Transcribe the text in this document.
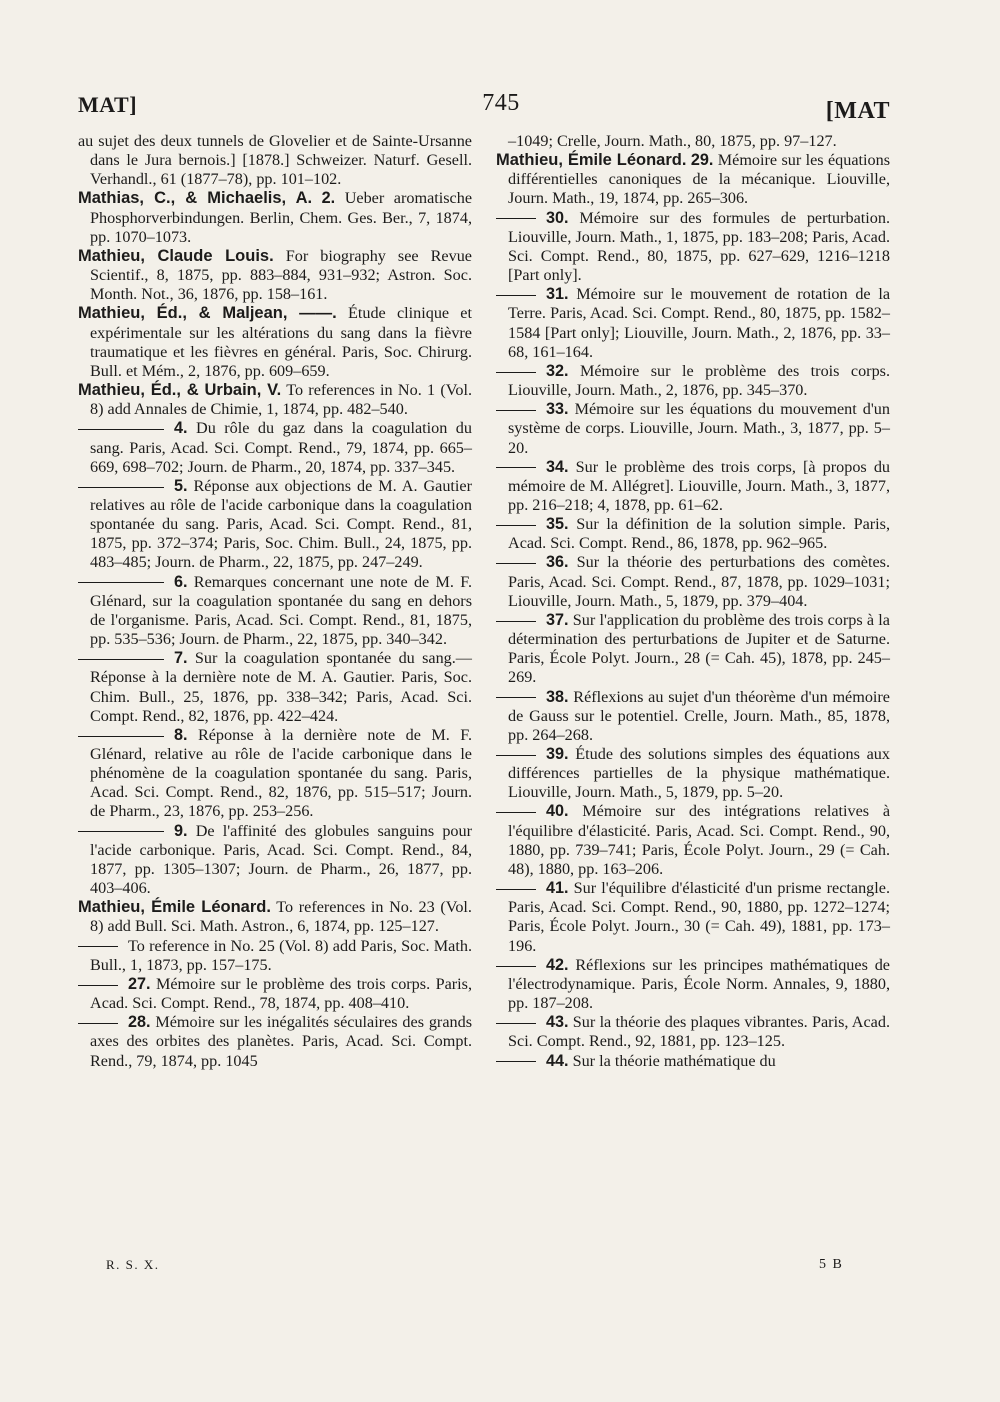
MAT]	745	[MAT

au sujet des deux tunnels de Glovelier et de Sainte-Ursanne dans le Jura bernois.] [1878.] Schweizer. Naturf. Gesell. Verhandl., 61 (1877–78), pp. 101–102.

Mathias, C., & Michaelis, A. 2. Ueber aromatische Phosphorverbindungen. Berlin, Chem. Ges. Ber., 7, 1874, pp. 1070–1073.

Mathieu, Claude Louis. For biography see Revue Scientif., 8, 1875, pp. 883–884, 931–932; Astron. Soc. Month. Not., 36, 1876, pp. 158–161.

Mathieu, Éd., & Maljean, ——. Étude clinique et expérimentale sur les altérations du sang dans la fièvre traumatique et les fièvres en général. Paris, Soc. Chirurg. Bull. et Mém., 2, 1876, pp. 609–659.

Mathieu, Éd., & Urbain, V. To references in No. 1 (Vol. 8) add Annales de Chimie, 1, 1874, pp. 482–540.

4. Du rôle du gaz dans la coagulation du sang. Paris, Acad. Sci. Compt. Rend., 79, 1874, pp. 665–669, 698–702; Journ. de Pharm., 20, 1874, pp. 337–345.

5. Réponse aux objections de M. A. Gautier relatives au rôle de l'acide carbonique dans la coagulation spontanée du sang. Paris, Acad. Sci. Compt. Rend., 81, 1875, pp. 372–374; Paris, Soc. Chim. Bull., 24, 1875, pp. 483–485; Journ. de Pharm., 22, 1875, pp. 247–249.

6. Remarques concernant une note de M. F. Glénard, sur la coagulation spontanée du sang en dehors de l'organisme. Paris, Acad. Sci. Compt. Rend., 81, 1875, pp. 535–536; Journ. de Pharm., 22, 1875, pp. 340–342.

7. Sur la coagulation spontanée du sang.—Réponse à la dernière note de M. A. Gautier. Paris, Soc. Chim. Bull., 25, 1876, pp. 338–342; Paris, Acad. Sci. Compt. Rend., 82, 1876, pp. 422–424.

8. Réponse à la dernière note de M. F. Glénard, relative au rôle de l'acide carbonique dans le phénomène de la coagulation spontanée du sang. Paris, Acad. Sci. Compt. Rend., 82, 1876, pp. 515–517; Journ. de Pharm., 23, 1876, pp. 253–256.

9. De l'affinité des globules sanguins pour l'acide carbonique. Paris, Acad. Sci. Compt. Rend., 84, 1877, pp. 1305–1307; Journ. de Pharm., 26, 1877, pp. 403–406.

Mathieu, Émile Léonard. To references in No. 23 (Vol. 8) add Bull. Sci. Math. Astron., 6, 1874, pp. 125–127.

To reference in No. 25 (Vol. 8) add Paris, Soc. Math. Bull., 1, 1873, pp. 157–175.

27. Mémoire sur le problème des trois corps. Paris, Acad. Sci. Compt. Rend., 78, 1874, pp. 408–410.

28. Mémoire sur les inégalités séculaires des grands axes des orbites des planètes. Paris, Acad. Sci. Compt. Rend., 79, 1874, pp. 1045

–1049; Crelle, Journ. Math., 80, 1875, pp. 97–127.

Mathieu, Émile Léonard. 29. Mémoire sur les équations différentielles canoniques de la mécanique. Liouville, Journ. Math., 19, 1874, pp. 265–306.

30. Mémoire sur des formules de perturbation. Liouville, Journ. Math., 1, 1875, pp. 183–208; Paris, Acad. Sci. Compt. Rend., 80, 1875, pp. 627–629, 1216–1218 [Part only].

31. Mémoire sur le mouvement de rotation de la Terre. Paris, Acad. Sci. Compt. Rend., 80, 1875, pp. 1582–1584 [Part only]; Liouville, Journ. Math., 2, 1876, pp. 33–68, 161–164.

32. Mémoire sur le problème des trois corps. Liouville, Journ. Math., 2, 1876, pp. 345–370.

33. Mémoire sur les équations du mouvement d'un système de corps. Liouville, Journ. Math., 3, 1877, pp. 5–20.

34. Sur le problème des trois corps, [à propos du mémoire de M. Allégret]. Liouville, Journ. Math., 3, 1877, pp. 216–218; 4, 1878, pp. 61–62.

35. Sur la définition de la solution simple. Paris, Acad. Sci. Compt. Rend., 86, 1878, pp. 962–965.

36. Sur la théorie des perturbations des comètes. Paris, Acad. Sci. Compt. Rend., 87, 1878, pp. 1029–1031; Liouville, Journ. Math., 5, 1879, pp. 379–404.

37. Sur l'application du problème des trois corps à la détermination des perturbations de Jupiter et de Saturne. Paris, École Polyt. Journ., 28 (= Cah. 45), 1878, pp. 245–269.

38. Réflexions au sujet d'un théorème d'un mémoire de Gauss sur le potentiel. Crelle, Journ. Math., 85, 1878, pp. 264–268.

39. Étude des solutions simples des équations aux différences partielles de la physique mathématique. Liouville, Journ. Math., 5, 1879, pp. 5–20.

40. Mémoire sur des intégrations relatives à l'équilibre d'élasticité. Paris, Acad. Sci. Compt. Rend., 90, 1880, pp. 739–741; Paris, École Polyt. Journ., 29 (= Cah. 48), 1880, pp. 163–206.

41. Sur l'équilibre d'élasticité d'un prisme rectangle. Paris, Acad. Sci. Compt. Rend., 90, 1880, pp. 1272–1274; Paris, École Polyt. Journ., 30 (= Cah. 49), 1881, pp. 173–196.

42. Réflexions sur les principes mathématiques de l'électrodynamique. Paris, École Norm. Annales, 9, 1880, pp. 187–208.

43. Sur la théorie des plaques vibrantes. Paris, Acad. Sci. Compt. Rend., 92, 1881, pp. 123–125.

44. Sur la théorie mathématique du

R. S. X.	5 B
